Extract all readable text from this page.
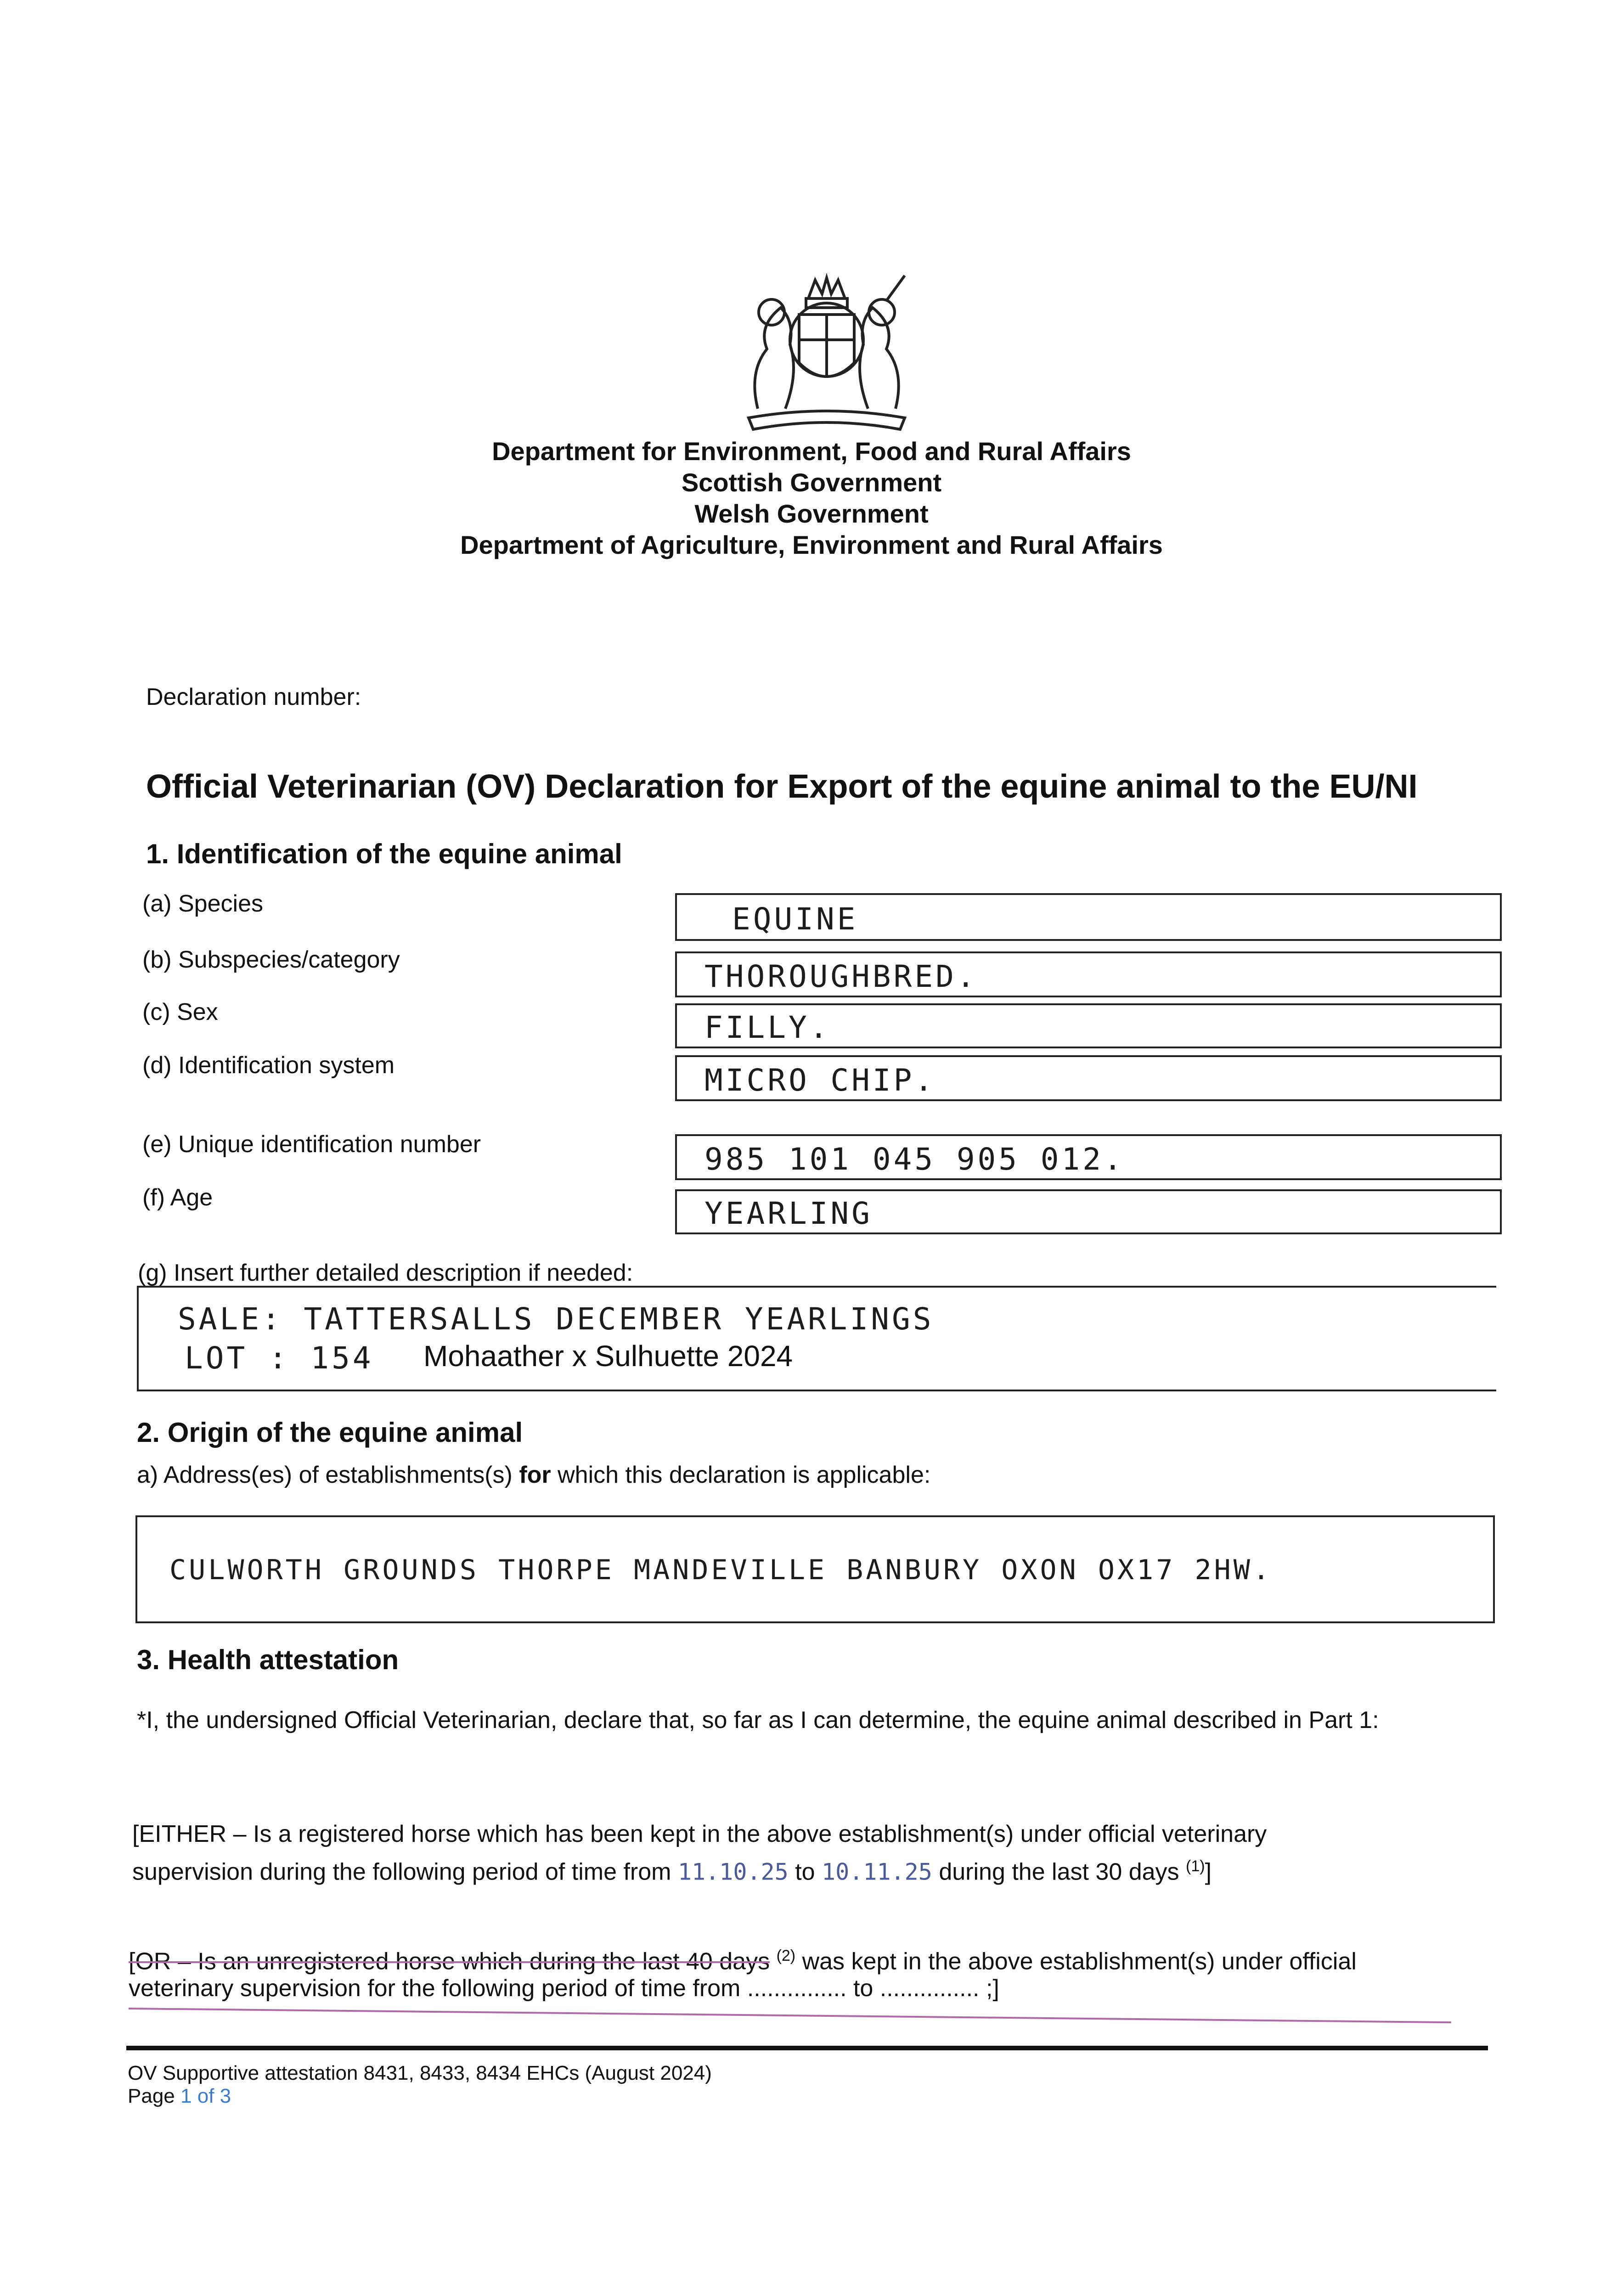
Department for Environment, Food and Rural Affairs
Scottish Government
Welsh Government
Department of Agriculture, Environment and Rural Affairs
Declaration number:
Official Veterinarian (OV) Declaration for Export of the equine animal to the EU/NI
1. Identification of the equine animal
(a) Species	EQUINE
(b) Subspecies/category	THOROUGHBRED.
(c) Sex	FILLY.
(d) Identification system	MICRO CHIP.
(e) Unique identification number	985 101 045 905 012.
(f) Age	YEARLING
(g) Insert further detailed description if needed:
SALE: TATTERSALLS DECEMBER YEARLINGS
LOT : 154 Mohaather x Sulhuette 2024
2. Origin of the equine animal
a) Address(es) of establishments(s) for which this declaration is applicable:
CULWORTH GROUNDS THORPE MANDEVILLE BANBURY OXON OX17 2HW.
3. Health attestation
*I, the undersigned Official Veterinarian, declare that, so far as I can determine, the equine animal described in Part 1:
[EITHER – Is a registered horse which has been kept in the above establishment(s) under official veterinary
supervision during the following period of time from 11.10.25 to 10.11.25 during the last 30 days $^{(1)}$]
[OR – Is an unregistered horse which during the last 40 days $^{(2)}$ was kept in the above establishment(s) under official
veterinary supervision for the following period of time from ............... to ............... ;]
OV Supportive attestation 8431, 8433, 8434 EHCs (August 2024)
Page 1 of 3
